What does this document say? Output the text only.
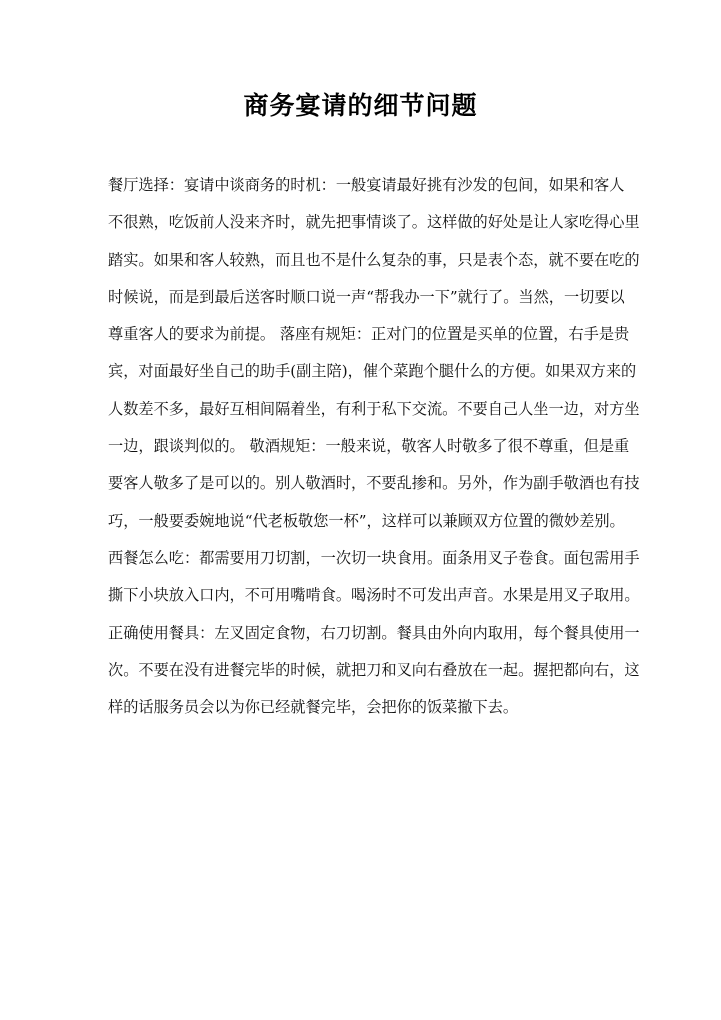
商务宴请的细节问题
餐厅选择：宴请中谈商务的时机：一般宴请最好挑有沙发的包间，如果和客人
不很熟，吃饭前人没来齐时，就先把事情谈了。这样做的好处是让人家吃得心里
踏实。如果和客人较熟，而且也不是什么复杂的事，只是表个态，就不要在吃的
时候说，而是到最后送客时顺口说一声“帮我办一下”就行了。当然，一切要以
尊重客人的要求为前提。 落座有规矩：正对门的位置是买单的位置，右手是贵
宾，对面最好坐自己的助手(副主陪)，催个菜跑个腿什么的方便。如果双方来的
人数差不多，最好互相间隔着坐，有利于私下交流。不要自己人坐一边，对方坐
一边，跟谈判似的。 敬酒规矩：一般来说，敬客人时敬多了很不尊重，但是重
要客人敬多了是可以的。别人敬酒时，不要乱掺和。另外，作为副手敬酒也有技
巧，一般要委婉地说“代老板敬您一杯”，这样可以兼顾双方位置的微妙差别。
西餐怎么吃：都需要用刀切割，一次切一块食用。面条用叉子卷食。面包需用手
撕下小块放入口内，不可用嘴啃食。喝汤时不可发出声音。水果是用叉子取用。
正确使用餐具：左叉固定食物，右刀切割。餐具由外向内取用，每个餐具使用一
次。不要在没有进餐完毕的时候，就把刀和叉向右叠放在一起。握把都向右，这
样的话服务员会以为你已经就餐完毕，会把你的饭菜撤下去。
